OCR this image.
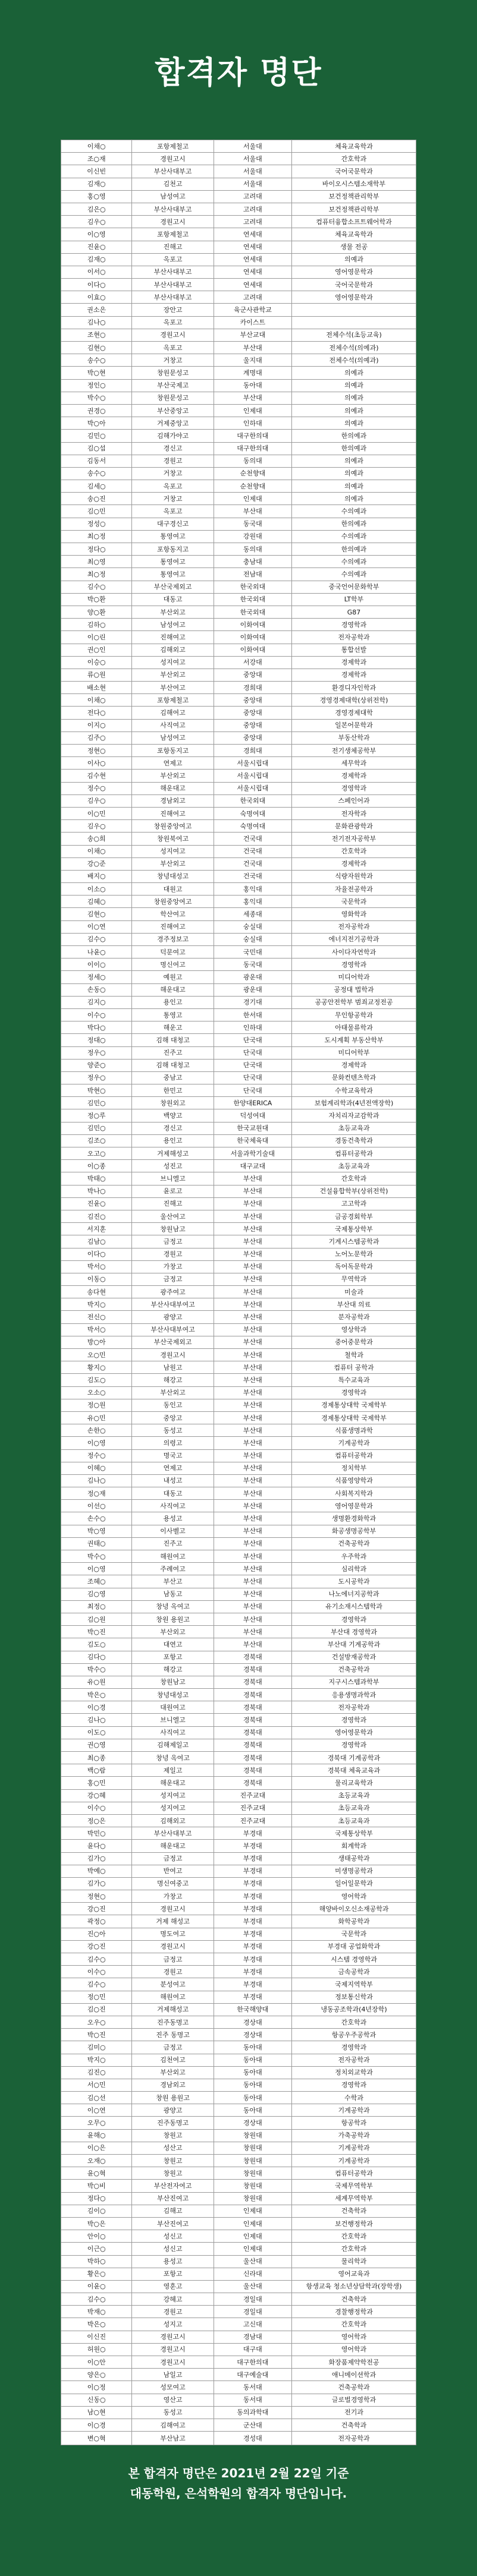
합격자 명단
이채○	포항제철고	서울대	체육교육학과
조○재	경원고시	서울대	간호학과
이신빈	부산사대부고	서울대	국어국문학과
김재○	김천고	서울대	바이오시스템소재학부
홍○영	남성여고	고려대	보건정책관리학부
김은○	부산사대부고	고려대	보건정책관리학부
김우○	경원고시	고려대	컴퓨터융합소프트웨어학과
이○영	포항제철고	연세대	체육교육학과
진윤○	진해고	연세대	생물 전공
김재○	옥포고	연세대	의예과
이서○	부산사대부고	연세대	영어영문학과
이다○	부산사대부고	연세대	국어국문학과
이효○	부산사대부고	고려대	영어영문학과
권소은	장안고	육군사관학교	
김나○	옥포고	카이스트	
조현○	경원고시	부산교대	전체수석(초등교육)
김현○	옥포고	부산대	전체수석(의예과)
송수○	거창고	울지대	전체수석(의예과)
박○현	창원문성고	계명대	의예과
정인○	부산국제고	동아대	의예과
박수○	창원문성고	부산대	의예과
권경○	부산중앙고	인제대	의예과
박○아	거제중앙고	인하대	의예과
김민○	김해가야고	대구한의대	한의예과
김○섭	경신고	대구한의대	한의예과
김동서	경원고	동의대	의예과
송수○	거창고	순천향대	의예과
김세○	옥포고	순천향대	의예과
송○진	거창고	인제대	의예과
김○민	옥포고	부산대	수의예과
정성○	대구경신고	동국대	한의예과
최○정	통영여고	강원대	수의예과
정다○	포항동지고	동의대	한의예과
최○영	통영여고	충남대	수의예과
최○정	통영여고	전남대	수의예과
김수○	부산국제외고	한국외대	중국언어문화학부
박○환	대동고	한국외대	LT학부
양○환	부산외고	한국외대	G87
김하○	남성여고	이화여대	경영학과
이○린	진해여고	이화여대	전자공학과
권○인	김해외고	이화여대	통합선발
이승○	성지여고	서강대	경제학과
류○원	부산외고	중앙대	경제학과
배소현	부산여고	경희대	환경디자인학과
이채○	포항제철고	중앙대	경영경제대학(상위전학)
전다○	김해여고	중앙대	경영경제대학
이지○	사직여고	중앙대	일본어문학과
김주○	남성여고	중앙대	부동산학과
정현○	포항동지고	경희대	전기생체공학부
이사○	연제고	서울시립대	세무학과
김수현	부산외고	서울시립대	경제학과
정수○	해운대고	서울시립대	경영학과
김우○	경남외고	한국외대	스페인어과
이○민	진해여고	숙명여대	전자학과
김우○	창원중앙여고	숙명여대	문화관광학과
송○희	창원북여고	건국대	전기전자공학부
이채○	성지여고	건국대	간호학과
강○준	부산외고	건국대	경제학과
배지○	창녕대성고	건국대	식량자원학과
이소○	대원고	홍익대	자율전공학과
김혜○	창원중앙여고	홍익대	국문학과
김현○	학산여고	세종대	영화학과
이○연	진해여고	숭실대	전자공학과
김수○	경주정보고	숭실대	에너지전기공학과
나윤○	덕문여고	국민대	사이다자연학과
이이○	명신여고	동국대	경영학과
정세○	예원고	광운대	미디어학과
손동○	해운대고	광운대	공정대 법학과
김지○	용인고	경기대	공공안전학부 범죄교정전공
이수○	통영고	한서대	무인항공학과
박다○	해운고	인하대	아태물류학과
정대○	김해 대청고	단국대	도시계획 부동산학부
정우○	진주고	단국대	미디어학부
양준○	김해 대청고	단국대	경제학과
정우○	중남고	단국대	문화컨텐츠학과
박현○	한민고	단국대	수학교육학과
김민○	창원외고	한양대ERICA	보험계리학과(4년전액장학)
정○루	백양고	덕성여대	자치리자교감학과
김민○	경신고	한국교원대	초등교육과
김조○	용인고	한국체육대	경동건축학과
오고○	거제해성고	서울과학기술대	컴퓨터공학과
이○종	성진고	대구교대	초등교육과
박태○	브니엘고	부산대	간호학과
박나○	윤로고	부산대	건설융합학부(상위전학)
진윤○	진해고	부산대	고고학과
김진○	울산여고	부산대	금공경회학부
서지훈	창원남고	부산대	국제통상학부
김남○	금정고	부산대	기계시스템공학과
이다○	경원고	부산대	노어노문학과
박서○	가창고	부산대	독어독문학과
이동○	금정고	부산대	무역학과
송다현	광주여고	부산대	미술과
박지○	부산사대부여고	부산대	부산대 의료
전신○	광양고	부산대	분자공학과
박서○	부산사대부여고	부산대	영상학과
방○아	부산국제외고	부산대	중어중문학과
오○민	경원고시	부산대	철학과
황지○	남원고	부산대	컴퓨터 공학과
김도○	해강고	부산대	특수교육과
오소○	부산외고	부산대	경영학과
정○원	동인고	부산대	경제통상대학 국제학부
유○민	중앙고	부산대	경제통상대학 국제학부
손한○	동성고	부산대	식품생명과학
이○영	의령고	부산대	기계공학과
정수○	명국고	부산대	컴퓨터공학과
이혜○	연제고	부산대	정치학부
김나○	내성고	부산대	식품영양학과
정○재	대동고	부산대	사회복지학과
이선○	사직여고	부산대	영어영문학과
손수○	용성고	부산대	생명환경화학과
박○영	이사벨고	부산대	화공생명공학부
권태○	진주고	부산대	건축공학과
박수○	해원여고	부산대	우주학과
이○영	주례여고	부산대	심리학과
조혜○	부산고	부산대	도시공학과
김○영	남동고	부산대	나노에너지공학과
최정○	창녕 옥여고	부산대	유기소재시스템학과
김○원	창원 용원고	부산대	경영학과
박○진	부산외고	부산대	부산대 경영학과
김도○	대연고	부산대	부산대 기계공학과
김다○	포항고	경북대	건설방재공학과
박수○	해강고	경북대	건축공학과
유○원	창원남고	경북대	지구시스템과학부
박은○	창녕대성고	경북대	응용생명과학과
이○경	대원여고	경북대	전자공학과
김나○	브니엘고	경북대	경영학과
이도○	사직여고	경북대	영어영문학과
권○영	김해제일고	경북대	경영학과
최○종	창녕 옥여고	경북대	경북대 기계공학과
백○람	제일고	경북대	경북대 체육교육과
홍○민	해운대고	경북대	물리교육학과
강○혜	성지여고	진주교대	초등교육과
이수○	성지여고	진주교대	초등교육과
정○은	김해외고	진주교대	초등교육과
박민○	부산사대부고	부경대	국제통상학부
윤다○	해운대고	부경대	회계학과
김가○	금정고	부경대	생태공학과
박예○	반여고	부경대	미생명공학과
김가○	명신여중고	부경대	일어일문학과
정현○	가창고	부경대	영어학과
강○진	경원고시	부경대	해양바이오신소재공학과
곽정○	거제 해성고	부경대	화학공학과
진○아	명도여고	부경대	국문학과
강○진	경원고시	부경대	부경대 공업화학과
김수○	금정고	부경대	시스템 경영학과
이수○	경원고	부경대	금속공학과
김수○	분성여고	부경대	국제지역학부
정○민	해원여고	부경대	정보통신학과
김○진	거제해성고	한국해양대	냉동공조학과(4년장학)
오우○	진주동명고	경상대	간호학과
박○진	진주 동명고	경상대	항공우주공학과
김미○	금정고	동아대	경영학과
박지○	김천여고	동아대	전자공학과
김진○	부산외고	동아대	정치외교학과
서○민	경남외고	동아대	경영학과
김○선	창원 용원고	동아대	수학과
이○연	광양고	동아대	기계공학과
오무○	진주동명고	경상대	항공학과
윤해○	창원고	창원대	가축공학과
이○은	성산고	창원대	기계공학과
오재○	창원고	창원대	기계공학과
윤○혁	창원고	창원대	컴퓨터공학과
박○비	부산전자여고	창원대	국제무역학부
정다○	부산진여고	창원대	세계무역학부
김이○	김해고	인제대	건축학과
박○은	부산진여고	인제대	보건행정학과
안이○	성신고	인제대	간호학과
이근○	성신고	인제대	간호학과
박하○	용성고	울산대	물리학과
황은○	포항고	신라대	영어교육과
이윤○	영훈고	울산대	항생교육 청소년상담학과(장학생)
김수○	강혜고	경일대	건축학과
박재○	경원고	경일대	경찰행정학과
박은○	성지고	고신대	간호학과
이신진	경원고시	경남대	영어학과
허원○	경원고시	대구대	영어학과
이○안	경원고시	대구한의대	화장품제약학전공
양은○	남일고	대구예술대	애니메이션학과
이○정	성모여고	동서대	건축공학과
신동○	영산고	동서대	글로벌경영학과
남○현	동성고	동의과학대	전기과
이○경	김해여고	군산대	건축학과
변○혁	부산남고	경성대	전자공학과
본 합격자 명단은 2021년 2월 22일 기준
대동학원, 은석학원의 합격자 명단입니다.
